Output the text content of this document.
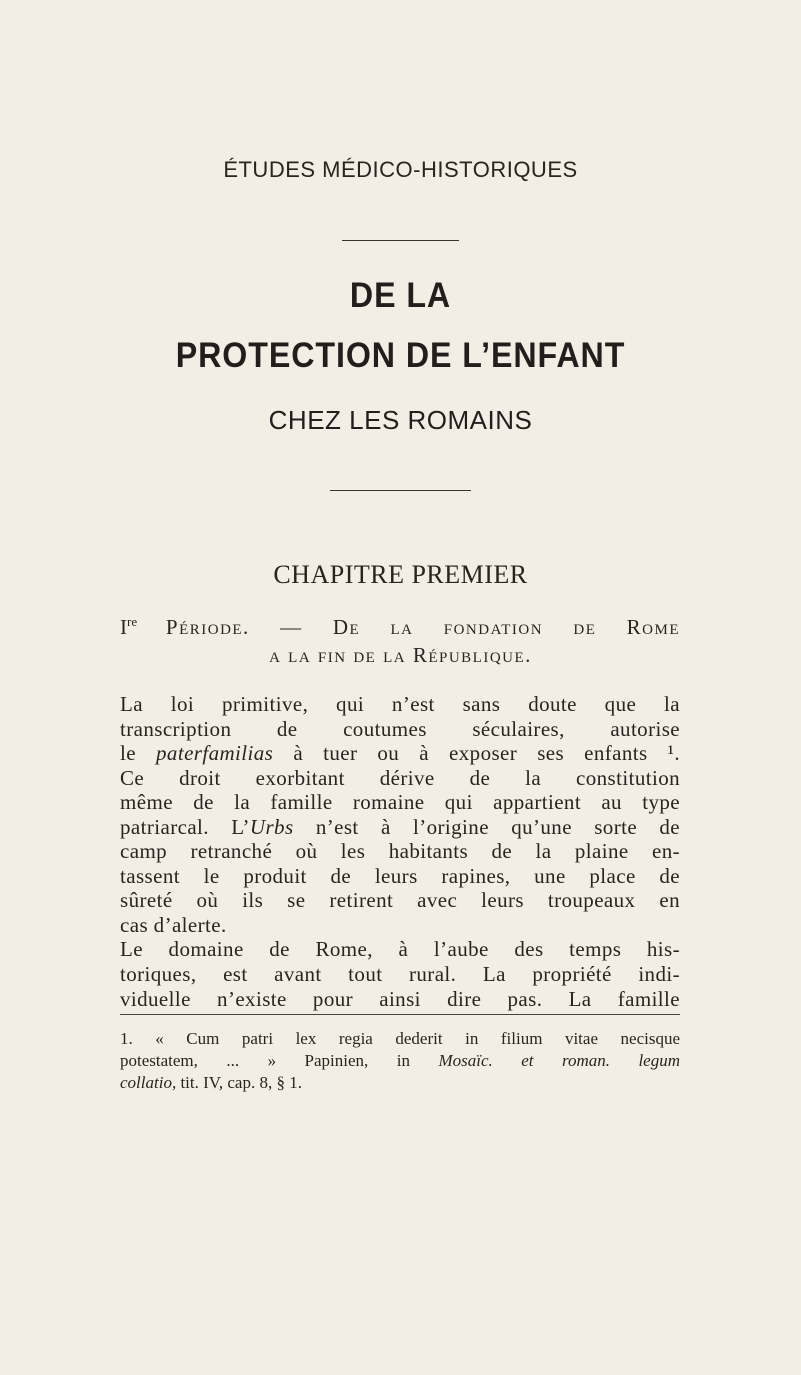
ÉTUDES MÉDICO-HISTORIQUES
DE LA
PROTECTION DE L’ENFANT
CHEZ LES ROMAINS
CHAPITRE PREMIER
Ire Période. — De la fondation de Rome
a la fin de la République.
La loi primitive, qui n’est sans doute que la
transcription de coutumes séculaires, autorise
le paterfamilias à tuer ou à exposer ses enfants ¹.
Ce droit exorbitant dérive de la constitution
même de la famille romaine qui appartient au type
patriarcal. L’Urbs n’est à l’origine qu’une sorte de
camp retranché où les habitants de la plaine en-
tassent le produit de leurs rapines, une place de
sûreté où ils se retirent avec leurs troupeaux en
cas d’alerte.
Le domaine de Rome, à l’aube des temps his-
toriques, est avant tout rural. La propriété indi-
viduelle n’existe pour ainsi dire pas. La famille
1. « Cum patri lex regia dederit in filium vitae necisque
potestatem, ... » Papinien, in Mosaïc. et roman. legum
collatio, tit. IV, cap. 8, § 1.
